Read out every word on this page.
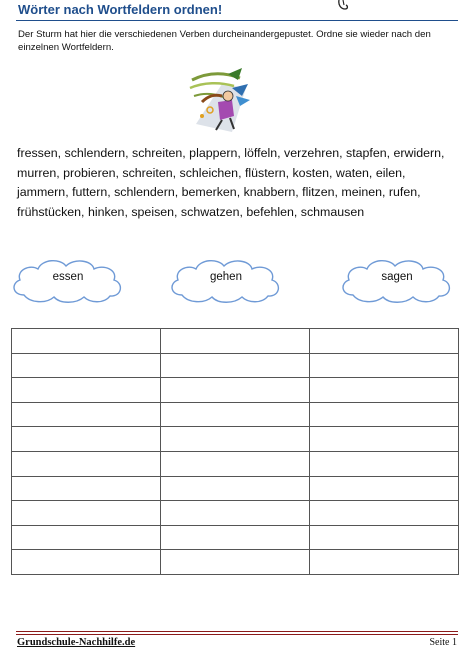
Wörter nach Wortfeldern ordnen!
Der Sturm hat hier die verschiedenen Verben durcheinandergepustet. Ordne sie wieder nach den einzelnen Wortfeldern.
fressen, schlendern, schreiten, plappern, löffeln, verzehren, stapfen, erwidern,
murren, probieren, schreiten, schleichen, flüstern, kosten, waten, eilen,
jammern, futtern, schlendern, bemerken, knabbern, flitzen, meinen, rufen,
frühstücken, hinken, speisen, schwatzen, befehlen, schmausen
essen	gehen	sagen

Grundschule-Nachhilfe.de	Seite 1
